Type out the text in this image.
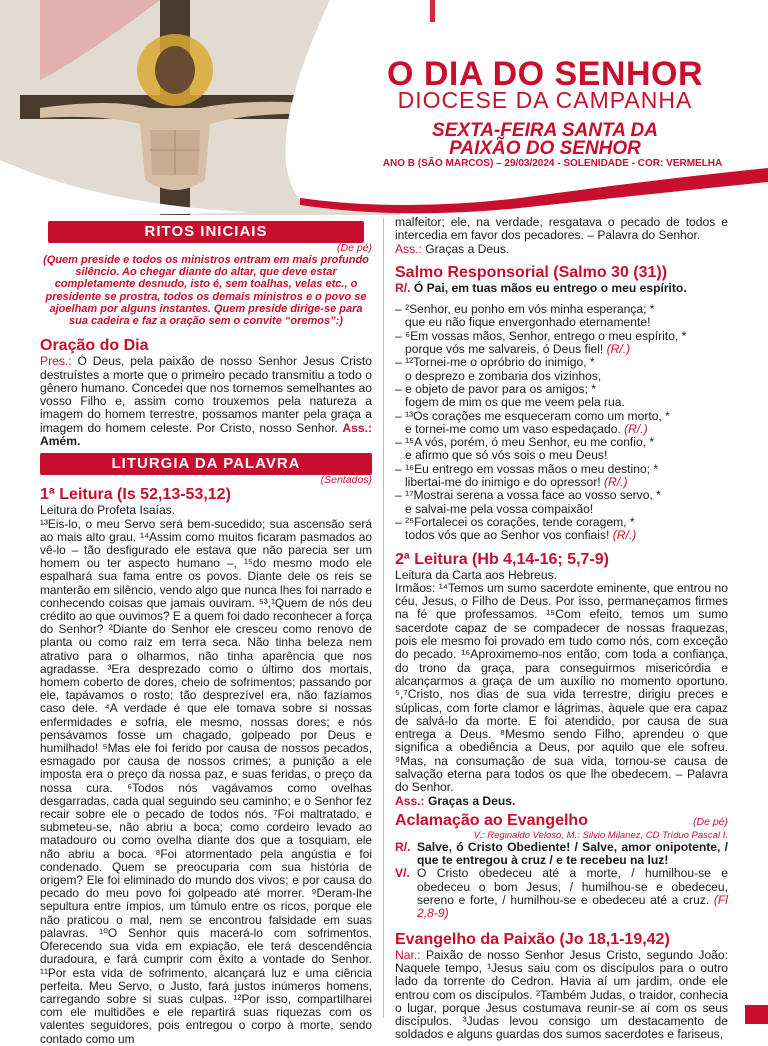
O DIA DO SENHOR
DIOCESE DA CAMPANHA
SEXTA-FEIRA SANTA DA
PAIXÃO DO SENHOR
ANO B (SÃO MARCOS) – 29/03/2024 - SOLENIDADE - COR: VERMELHA
RITOS INICIAIS
(De pé)
(Quem preside e todos os ministros entram em mais profundo silêncio. Ao chegar diante do altar, que deve estar completamente desnudo, isto é, sem toalhas, velas etc., o presidente se prostra, todos os demais ministros e o povo se ajoelham por alguns instantes. Quem preside dirige-se para sua cadeira e faz a oração sem o convite “oremos”:)
Oração do Dia

Pres.: Ó Deus, pela paixão de nosso Senhor Jesus Cristo destruístes a morte que o primeiro pecado transmitiu a todo o gênero humano. Concedei que nos tornemos semelhantes ao vosso Filho e, assim como trouxemos pela natureza a imagem do homem terrestre, possamos manter pela graça a imagem do homem celeste. Por Cristo, nosso Senhor. Ass.: Amém.

LITURGIA DA PALAVRA
(Sentados)
1ª Leitura (Is 52,13-53,12)

Leitura do Profeta Isaías.

¹³Eis-lo, o meu Servo será bem-sucedido; sua ascensão será ao mais alto grau. ¹⁴Assim como muitos ficaram pasmados ao vê-lo – tão desfigurado ele estava que não parecia ser um homem ou ter aspecto humano –, ¹⁵do mesmo modo ele espalhará sua fama entre os povos. Diante dele os reis se manterão em silêncio, vendo algo que nunca lhes foi narrado e conhecendo coisas que jamais ouviram. ⁵³,¹Quem de nós deu crédito ao que ouvimos? E a quem foi dado reconhecer a força do Senhor? ²Diante do Senhor ele cresceu como renovo de planta ou como raiz em terra seca. Não tinha beleza nem atrativo para o olharmos, não tinha aparência que nos agradasse. ³Era desprezado como o último dos mortais, homem coberto de dores, cheio de sofrimentos; passando por ele, tapávamos o rosto; tão desprezível era, não fazíamos caso dele. ⁴A verdade é que ele tomava sobre si nossas enfermidades e sofria, ele mesmo, nossas dores; e nós pensávamos fosse um chagado, golpeado por Deus e humilhado! ⁵Mas ele foi ferido por causa de nossos pecados, esmagado por causa de nossos crimes; a punição a ele imposta era o preço da nossa paz, e suas feridas, o preço da nossa cura. ⁶Todos nós vagávamos como ovelhas desgarradas, cada qual seguindo seu caminho; e o Senhor fez recair sobre ele o pecado de todos nós. ⁷Foi maltratado, e submeteu-se, não abriu a boca; como cordeiro levado ao matadouro ou como ovelha diante dos que a tosquiam, ele não abriu a boca. ⁸Foi atormentado pela angústia e foi condenado. Quem se preocuparia com sua história de origem? Ele foi eliminado do mundo dos vivos; e por causa do pecado do meu povo foi golpeado até morrer. ⁹Deram-lhe sepultura entre ímpios, um túmulo entre os ricos, porque ele não praticou o mal, nem se encontrou falsidade em suas palavras. ¹⁰O Senhor quis macerá-lo com sofrimentos. Oferecendo sua vida em expiação, ele terá descendência duradoura, e fará cumprir com êxito a vontade do Senhor. ¹¹Por esta vida de sofrimento, alcançará luz e uma ciência perfeita. Meu Servo, o Justo, fará justos inúmeros homens, carregando sobre si suas culpas. ¹²Por isso, compartilharei com ele multidões e ele repartirá suas riquezas com os valentes seguidores, pois entregou o corpo à morte, sendo contado como um

malfeitor; ele, na verdade, resgatava o pecado de todos e intercedia em favor dos pecadores. – Palavra do Senhor.
Ass.: Graças a Deus.

Salmo Responsorial (Salmo 30 (31))

R/. Ó Pai, em tuas mãos eu entrego o meu espírito.

– ²Senhor, eu ponho em vós minha esperança; *
que eu não fique envergonhado eternamente!
– ⁶Em vossas mãos, Senhor, entrego o meu espírito, *
porque vós me salvareis, ó Deus fiel! (R/.)
– ¹²Tornei-me o opróbrio do inimigo, *
o desprezo e zombaria dos vizinhos,
– e objeto de pavor para os amigos; *
fogem de mim os que me veem pela rua.
– ¹³Os corações me esqueceram como um morto, *
e tornei-me como um vaso espedaçado. (R/.)
– ¹⁵A vós, porém, ó meu Senhor, eu me confio, *
e afirmo que só vós sois o meu Deus!
– ¹⁶Eu entrego em vossas mãos o meu destino; *
libertai-me do inimigo e do opressor! (R/.)
– ¹⁷Mostrai serena a vossa face ao vosso servo, *
e salvai-me pela vossa compaixão!
– ²⁵Fortalecei os corações, tende coragem, *
todos vós que ao Senhor vos confiais! (R/.)
2ª Leitura (Hb 4,14-16; 5,7-9)

Leitura da Carta aos Hebreus.

Irmãos: ¹⁴Temos um sumo sacerdote eminente, que entrou no céu, Jesus, o Filho de Deus. Por isso, permaneçamos firmes na fé que professamos. ¹⁵Com efeito, temos um sumo sacerdote capaz de se compadecer de nossas fraquezas, pois ele mesmo foi provado em tudo como nós, com exceção do pecado. ¹⁶Aproximemo-nos então, com toda a confiança, do trono da graça, para conseguirmos misericórdia e alcançarmos a graça de um auxílio no momento oportuno. ⁵,⁷Cristo, nos dias de sua vida terrestre, dirigiu preces e súplicas, com forte clamor e lágrimas, àquele que era capaz de salvá-lo da morte. E foi atendido, por causa de sua entrega a Deus. ⁸Mesmo sendo Filho, aprendeu o que significa a obediência a Deus, por aquilo que ele sofreu. ⁹Mas, na consumação de sua vida, tornou-se causa de salvação eterna para todos os que lhe obedecem. – Palavra do Senhor.

Ass.: Graças a Deus.

Aclamação ao Evangelho	(De pé)
V.: Reginaldo Veloso, M.: Silvio Milanez, CD Tríduo Pascal I.
R/. Salve, ó Cristo Obediente! / Salve, amor onipotente, / que te entregou à cruz / e te recebeu na luz!
V/. O Cristo obedeceu até a morte, / humilhou-se e obedeceu o bom Jesus, / humilhou-se e obedeceu, sereno e forte, / humilhou-se e obedeceu até a cruz. (Fl 2,8-9)
Evangelho da Paixão (Jo 18,1-19,42)

Nar.: Paixão de nosso Senhor Jesus Cristo, segundo João: Naquele tempo, ¹Jesus saiu com os discípulos para o outro lado da torrente do Cedron. Havia aí um jardim, onde ele entrou com os discípulos. ²Também Judas, o traidor, conhecia o lugar, porque Jesus costumava reunir-se aí com os seus discípulos. ³Judas levou consigo um destacamento de soldados e alguns guardas dos sumos sacerdotes e fariseus,
